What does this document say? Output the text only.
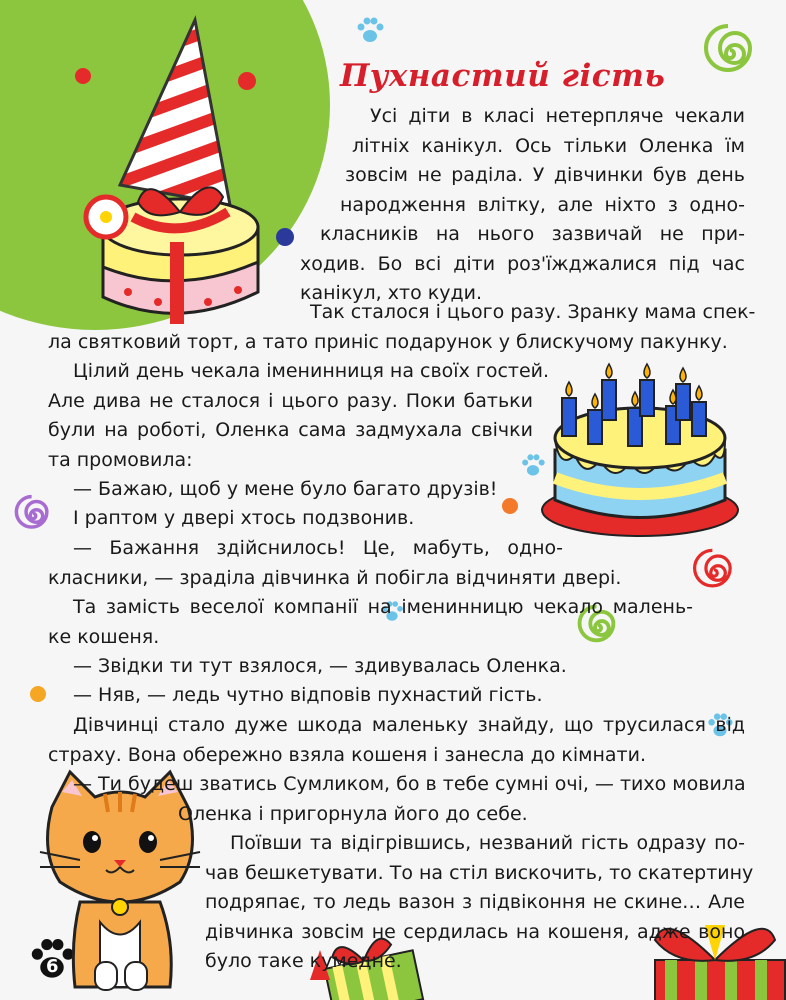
6
Пухнастий гість
Усі діти в класі нетерпляче чекали
літніх канікул. Ось тільки Оленка їм
зовсім не раділа. У дівчинки був день
народження влітку, але ніхто з одно-
класників на нього зазвичай не при-
ходив. Бо всі діти роз'їжджалися під час
канікул, хто куди.
Так сталося і цього разу. Зранку мама спек-
ла святковий торт, а тато приніс подарунок у блискучому пакунку.
Цілий день чекала іменинниця на своїх гостей.
Але дива не сталося і цього разу. Поки батьки
були на роботі, Оленка сама задмухала свічки
та промовила:
— Бажаю, щоб у мене було багато друзів!
І раптом у двері хтось подзвонив.
— Бажання здійснилось! Це, мабуть, одно-
класники, — зраділа дівчинка й побігла відчиняти двері.
Та замість веселої компанії на іменинницю чекало малень-
ке кошеня.
— Звідки ти тут взялося, — здивувалась Оленка.
— Няв, — ледь чутно відповів пухнастий гість.
Дівчинці стало дуже шкода маленьку знайду, що трусилася від
страху. Вона обережно взяла кошеня і занесла до кімнати.
— Ти будеш зватись Сумликом, бо в тебе сумні очі, — тихо мовила
Оленка і пригорнула його до себе.
Поївши та відігрівшись, незваний гість одразу по-
чав бешкетувати. То на стіл вискочить, то скатертину
подряпає, то ледь вазон з підвіконня не скине… Але
дівчинка зовсім не сердилась на кошеня, адже воно
було таке кумедне.
